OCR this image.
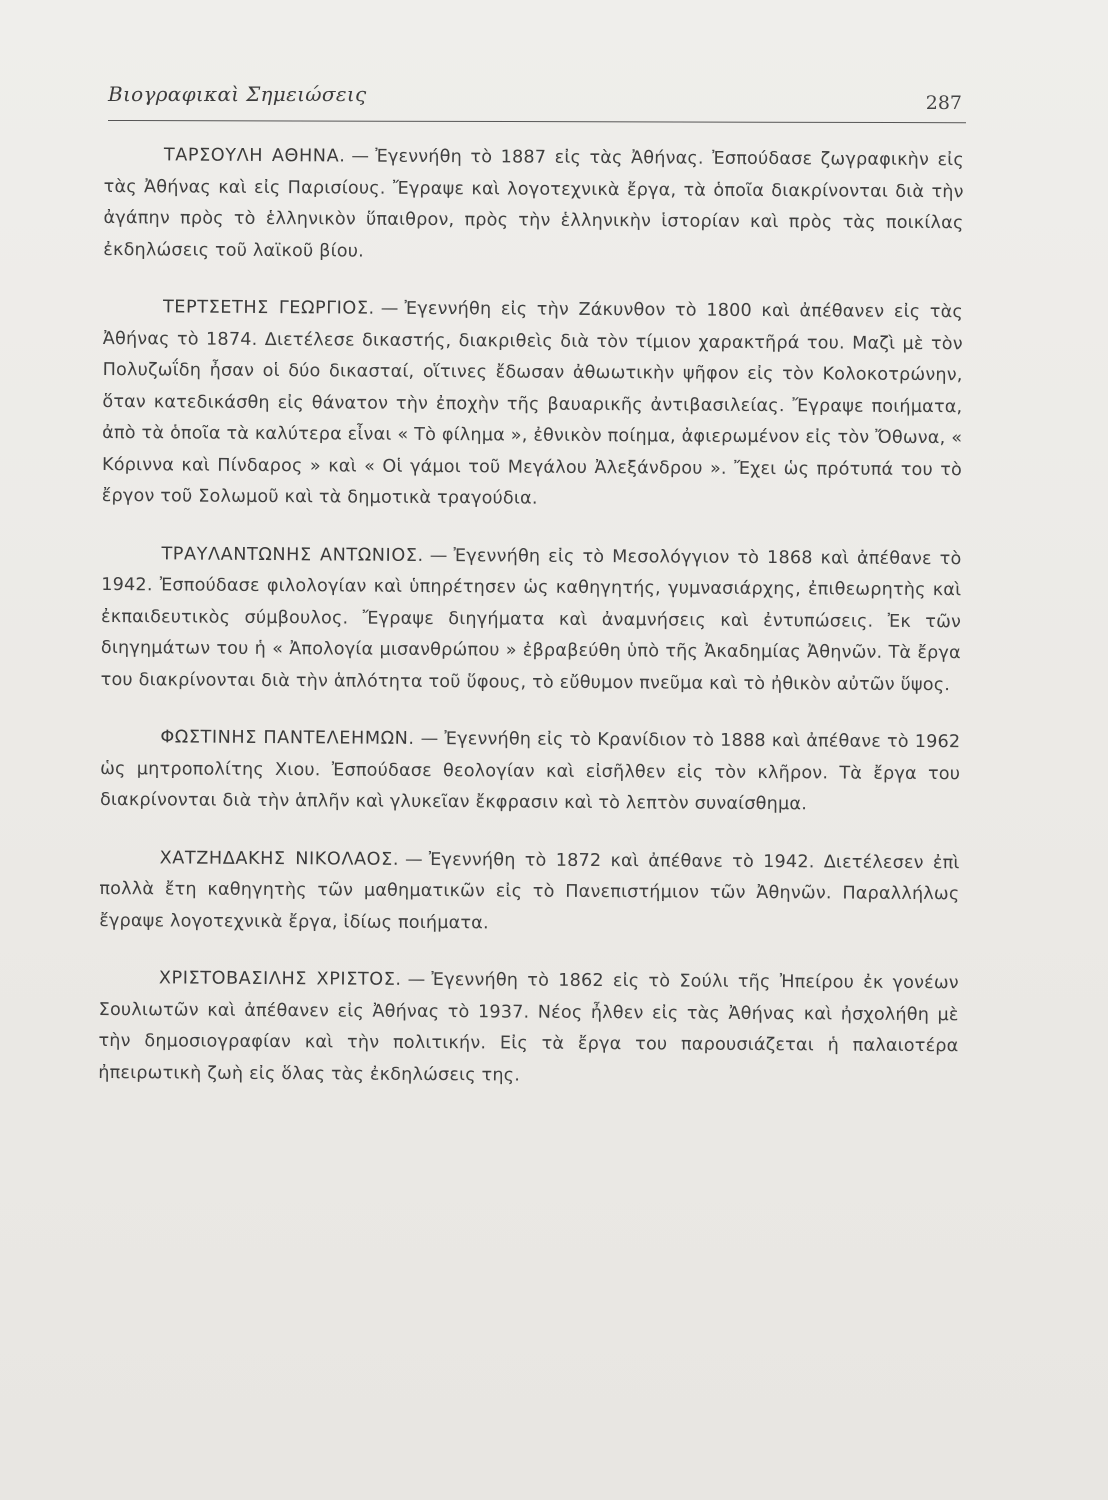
Βιογραφικαὶ Σημειώσεις	287

ΤΑΡΣΟΥΛΗ ΑΘΗΝΑ. — Ἐγεννήθη τὸ 1887 εἰς τὰς Ἀθήνας. Ἐσπούδασε ζωγραφικὴν εἰς τὰς Ἀθήνας καὶ εἰς Παρισίους. Ἔγραψε καὶ λογοτεχνικὰ ἔργα, τὰ ὁποῖα διακρίνονται διὰ τὴν ἀγάπην πρὸς τὸ ἑλληνικὸν ὕπαιθρον, πρὸς τὴν ἑλληνικὴν ἱστορίαν καὶ πρὸς τὰς ποικίλας ἐκδηλώσεις τοῦ λαϊκοῦ βίου.

ΤΕΡΤΣΕΤΗΣ ΓΕΩΡΓΙΟΣ. — Ἐγεννήθη εἰς τὴν Ζάκυνθον τὸ 1800 καὶ ἀπέθανεν εἰς τὰς Ἀθήνας τὸ 1874. Διετέλεσε δικαστής, διακριθεὶς διὰ τὸν τίμιον χαρακτῆρά του. Μαζὶ μὲ τὸν Πολυζωΐδη ἦσαν οἱ δύο δικασταί, οἵτινες ἔδωσαν ἀθωωτικὴν ψῆφον εἰς τὸν Κολοκοτρώνην, ὅταν κατεδικάσθη εἰς θάνατον τὴν ἐποχὴν τῆς βαυαρικῆς ἀντιβασιλείας. Ἔγραψε ποιήματα, ἀπὸ τὰ ὁποῖα τὰ καλύτερα εἶναι « Τὸ φίλημα », ἐθνικὸν ποίημα, ἀφιερωμένον εἰς τὸν Ὄθωνα, « Κόριννα καὶ Πίνδαρος » καὶ « Οἱ γάμοι τοῦ Μεγάλου Ἀλεξάνδρου ». Ἔχει ὡς πρότυπά του τὸ ἔργον τοῦ Σολωμοῦ καὶ τὰ δημοτικὰ τραγούδια.

ΤΡΑΥΛΑΝΤΩΝΗΣ ΑΝΤΩΝΙΟΣ. — Ἐγεννήθη εἰς τὸ Μεσολόγγιον τὸ 1868 καὶ ἀπέθανε τὸ 1942. Ἐσπούδασε φιλολογίαν καὶ ὑπηρέτησεν ὡς καθηγητής, γυμνασιάρχης, ἐπιθεωρητὴς καὶ ἐκπαιδευτικὸς σύμβουλος. Ἔγραψε διηγήματα καὶ ἀναμνήσεις καὶ ἐντυπώσεις. Ἐκ τῶν διηγημάτων του ἡ « Ἀπολογία μισανθρώπου » ἐβραβεύθη ὑπὸ τῆς Ἀκαδημίας Ἀθηνῶν. Τὰ ἔργα του διακρίνονται διὰ τὴν ἁπλότητα τοῦ ὕφους, τὸ εὔθυμον πνεῦμα καὶ τὸ ἠθικὸν αὐτῶν ὕψος.

ΦΩΣΤΙΝΗΣ ΠΑΝΤΕΛΕΗΜΩΝ. — Ἐγεννήθη εἰς τὸ Κρανίδιον τὸ 1888 καὶ ἀπέθανε τὸ 1962 ὡς μητροπολίτης Χιου. Ἐσπούδασε θεολογίαν καὶ εἰσῆλθεν εἰς τὸν κλῆρον. Τὰ ἔργα του διακρίνονται διὰ τὴν ἁπλῆν καὶ γλυκεῖαν ἔκφρασιν καὶ τὸ λεπτὸν συναίσθημα.

ΧΑΤΖΗΔΑΚΗΣ ΝΙΚΟΛΑΟΣ. — Ἐγεννήθη τὸ 1872 καὶ ἀπέθανε τὸ 1942. Διετέλεσεν ἐπὶ πολλὰ ἔτη καθηγητὴς τῶν μαθηματικῶν εἰς τὸ Πανεπιστήμιον τῶν Ἀθηνῶν. Παραλλήλως ἔγραψε λογοτεχνικὰ ἔργα, ἰδίως ποιήματα.

ΧΡΙΣΤΟΒΑΣΙΛΗΣ ΧΡΙΣΤΟΣ. — Ἐγεννήθη τὸ 1862 εἰς τὸ Σούλι τῆς Ἠπείρου ἐκ γονέων Σουλιωτῶν καὶ ἀπέθανεν εἰς Ἀθήνας τὸ 1937. Νέος ἦλθεν εἰς τὰς Ἀθήνας καὶ ἠσχολήθη μὲ τὴν δημοσιογραφίαν καὶ τὴν πολιτικήν. Εἰς τὰ ἔργα του παρουσιάζεται ἡ παλαιοτέρα ἠπειρωτικὴ ζωὴ εἰς ὅλας τὰς ἐκδηλώσεις της.
